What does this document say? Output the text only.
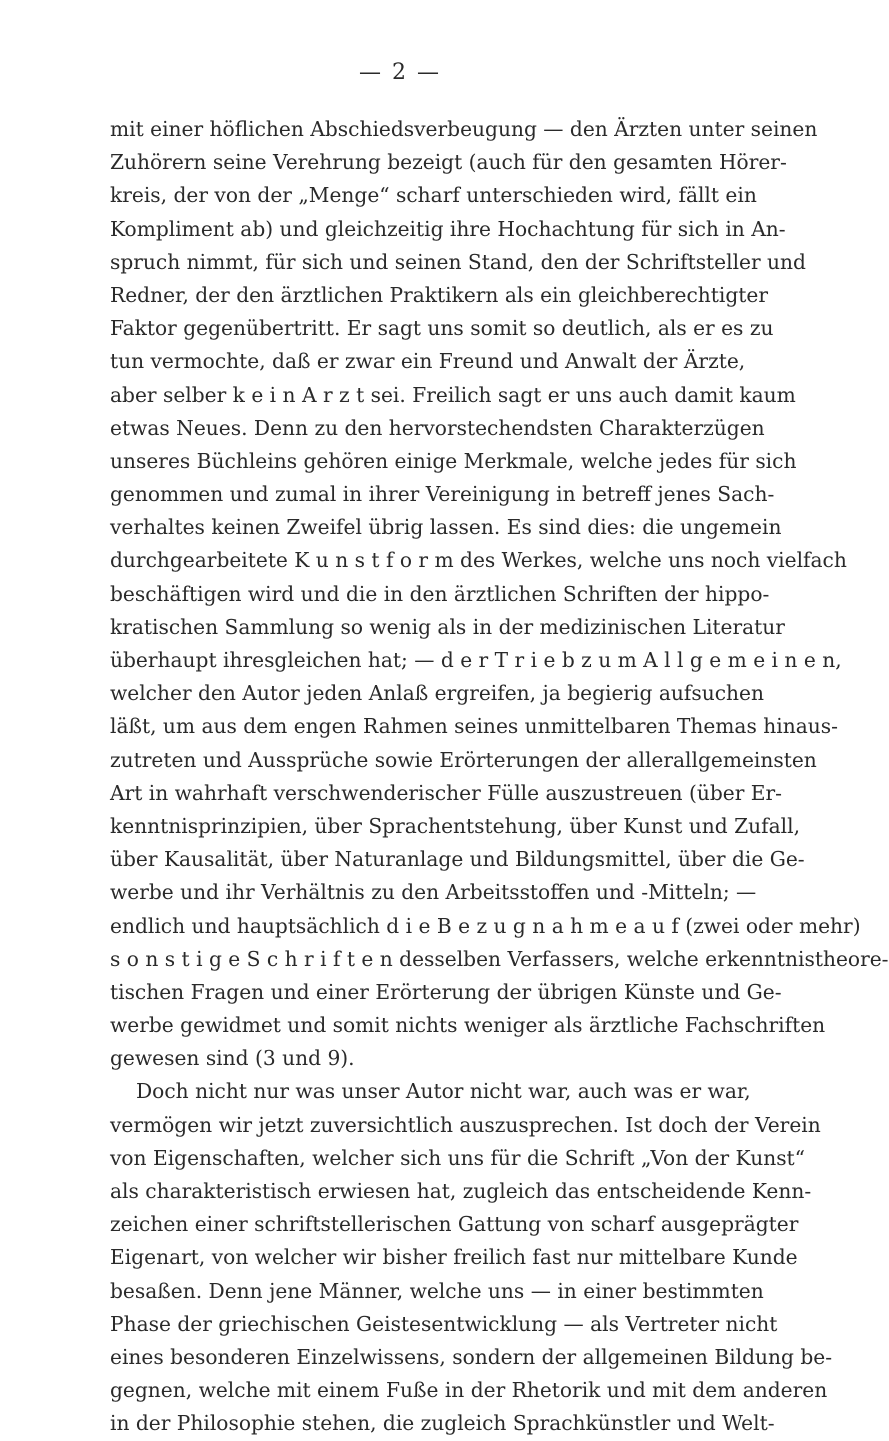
— 2 —
mit einer höflichen Abschiedsverbeugung — den Ärzten unter seinen
Zuhörern seine Verehrung bezeigt (auch für den gesamten Hörer-
kreis, der von der „Menge“ scharf unterschieden wird, fällt ein
Kompliment ab) und gleichzeitig ihre Hochachtung für sich in An-
spruch nimmt, für sich und seinen Stand, den der Schriftsteller und
Redner, der den ärztlichen Praktikern als ein gleichberechtigter
Faktor gegenübertritt. Er sagt uns somit so deutlich, als er es zu
tun vermochte, daß er zwar ein Freund und Anwalt der Ärzte,
aber selber k e i n A r z t sei. Freilich sagt er uns auch damit kaum
etwas Neues. Denn zu den hervorstechendsten Charakterzügen
unseres Büchleins gehören einige Merkmale, welche jedes für sich
genommen und zumal in ihrer Vereinigung in betreff jenes Sach-
verhaltes keinen Zweifel übrig lassen. Es sind dies: die ungemein
durchgearbeitete K u n s t f o r m des Werkes, welche uns noch vielfach
beschäftigen wird und die in den ärztlichen Schriften der hippo-
kratischen Sammlung so wenig als in der medizinischen Literatur
überhaupt ihresgleichen hat; — d e r T r i e b z u m A l l g e m e i n e n,
welcher den Autor jeden Anlaß ergreifen, ja begierig aufsuchen
läßt, um aus dem engen Rahmen seines unmittelbaren Themas hinaus-
zutreten und Aussprüche sowie Erörterungen der allerallgemeinsten
Art in wahrhaft verschwenderischer Fülle auszustreuen (über Er-
kenntnisprinzipien, über Sprachentstehung, über Kunst und Zufall,
über Kausalität, über Naturanlage und Bildungsmittel, über die Ge-
werbe und ihr Verhältnis zu den Arbeitsstoffen und -Mitteln; —
endlich und hauptsächlich d i e B e z u g n a h m e a u f (zwei oder mehr)
s o n s t i g e S c h r i f t e n desselben Verfassers, welche erkenntnistheore-
tischen Fragen und einer Erörterung der übrigen Künste und Ge-
werbe gewidmet und somit nichts weniger als ärztliche Fachschriften
gewesen sind (3 und 9).
Doch nicht nur was unser Autor nicht war, auch was er war,
vermögen wir jetzt zuversichtlich auszusprechen. Ist doch der Verein
von Eigenschaften, welcher sich uns für die Schrift „Von der Kunst“
als charakteristisch erwiesen hat, zugleich das entscheidende Kenn-
zeichen einer schriftstellerischen Gattung von scharf ausgeprägter
Eigenart, von welcher wir bisher freilich fast nur mittelbare Kunde
besaßen. Denn jene Männer, welche uns — in einer bestimmten
Phase der griechischen Geistesentwicklung — als Vertreter nicht
eines besonderen Einzelwissens, sondern der allgemeinen Bildung be-
gegnen, welche mit einem Fuße in der Rhetorik und mit dem anderen
in der Philosophie stehen, die zugleich Sprachkünstler und Welt-
